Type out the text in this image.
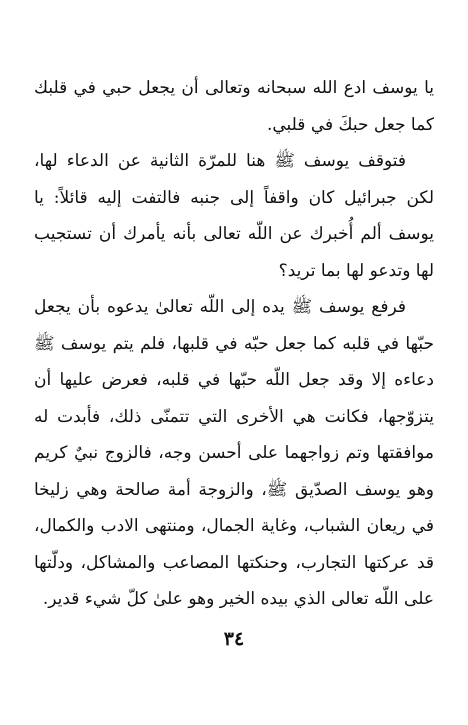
يا يوسف ادع الله سبحانه وتعالى أن يجعل حبي في قلبك كما جعل حبكَ في قلبي.

فتوقف يوسف ﷺ هنا للمرّة الثانية عن الدعاء لها، لكن جبرائيل كان واقفاً إلى جنبه فالتفت إليه قائلاً: يا يوسف ألم أُخبرك عن اللّه تعالى بأنه يأمرك أن تستجيب لها وتدعو لها بما تريد؟

فرفع يوسف ﷺ يده إلى اللّه تعالىٰ يدعوه بأن يجعل حبّها في قلبه كما جعل حبّه في قلبها، فلم يتم يوسف ﷺ دعاءه إلا وقد جعل اللّه حبّها في قلبه، فعرض عليها أن يتزوّجها، فكانت هي الأخرى التي تتمنّى ذلك، فأبدت له موافقتها وتم زواجهما على أحسن وجه، فالزوج نبيٌ كريم وهو يوسف الصدّيق ﷺ، والزوجة أمة صالحة وهي زليخا في ريعان الشباب، وغاية الجمال، ومنتهى الادب والكمال، قد عركتها التجارب، وحنكتها المصاعب والمشاكل، ودلّتها على اللّه تعالى الذي بيده الخير وهو علىٰ كلّ شيء قدير.

٣٤
